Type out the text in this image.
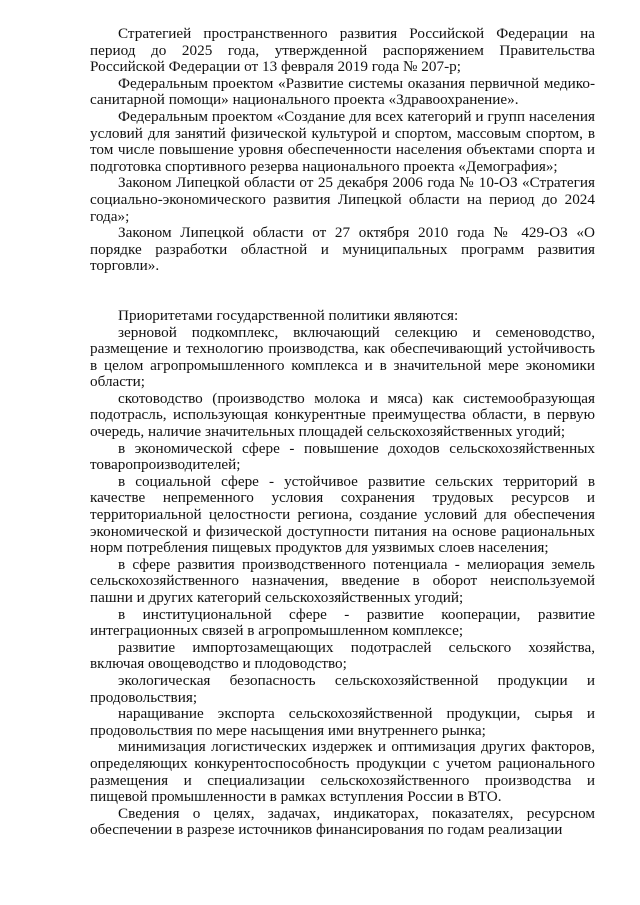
Стратегией пространственного развития Российской Федерации на период до 2025 года, утвержденной распоряжением Правительства Российской Федерации от 13 февраля 2019 года № 207-р;

Федеральным проектом «Развитие системы оказания первичной медико-санитарной помощи» национального проекта «Здравоохранение».

Федеральным проектом «Создание для всех категорий и групп населения условий для занятий физической культурой и спортом, массовым спортом, в том числе повышение уровня обеспеченности населения объектами спорта и подготовка спортивного резерва национального проекта «Демография»;

Законом Липецкой области от 25 декабря 2006 года № 10-ОЗ «Стратегия социально-экономического развития Липецкой области на период до 2024 года»;

Законом Липецкой области от 27 октября 2010 года № 429-ОЗ «О порядке разработки областной и муниципальных программ развития торговли».

Приоритетами государственной политики являются:

зерновой подкомплекс, включающий селекцию и семеноводство, размещение и технологию производства, как обеспечивающий устойчивость в целом агропромышленного комплекса и в значительной мере экономики области;

скотоводство (производство молока и мяса) как системообразующая подотрасль, использующая конкурентные преимущества области, в первую очередь, наличие значительных площадей сельскохозяйственных угодий;

в экономической сфере - повышение доходов сельскохозяйственных товаропроизводителей;

в социальной сфере - устойчивое развитие сельских территорий в качестве непременного условия сохранения трудовых ресурсов и территориальной целостности региона, создание условий для обеспечения экономической и физической доступности питания на основе рациональных норм потребления пищевых продуктов для уязвимых слоев населения;

в сфере развития производственного потенциала - мелиорация земель сельскохозяйственного назначения, введение в оборот неиспользуемой пашни и других категорий сельскохозяйственных угодий;

в институциональной сфере - развитие кооперации, развитие интеграционных связей в агропромышленном комплексе;

развитие импортозамещающих подотраслей сельского хозяйства, включая овощеводство и плодоводство;

экологическая безопасность сельскохозяйственной продукции и продовольствия;

наращивание экспорта сельскохозяйственной продукции, сырья и продовольствия по мере насыщения ими внутреннего рынка;

минимизация логистических издержек и оптимизация других факторов, определяющих конкурентоспособность продукции с учетом рационального размещения и специализации сельскохозяйственного производства и пищевой промышленности в рамках вступления России в ВТО.

Сведения о целях, задачах, индикаторах, показателях, ресурсном обеспечении в разрезе источников финансирования по годам реализации
